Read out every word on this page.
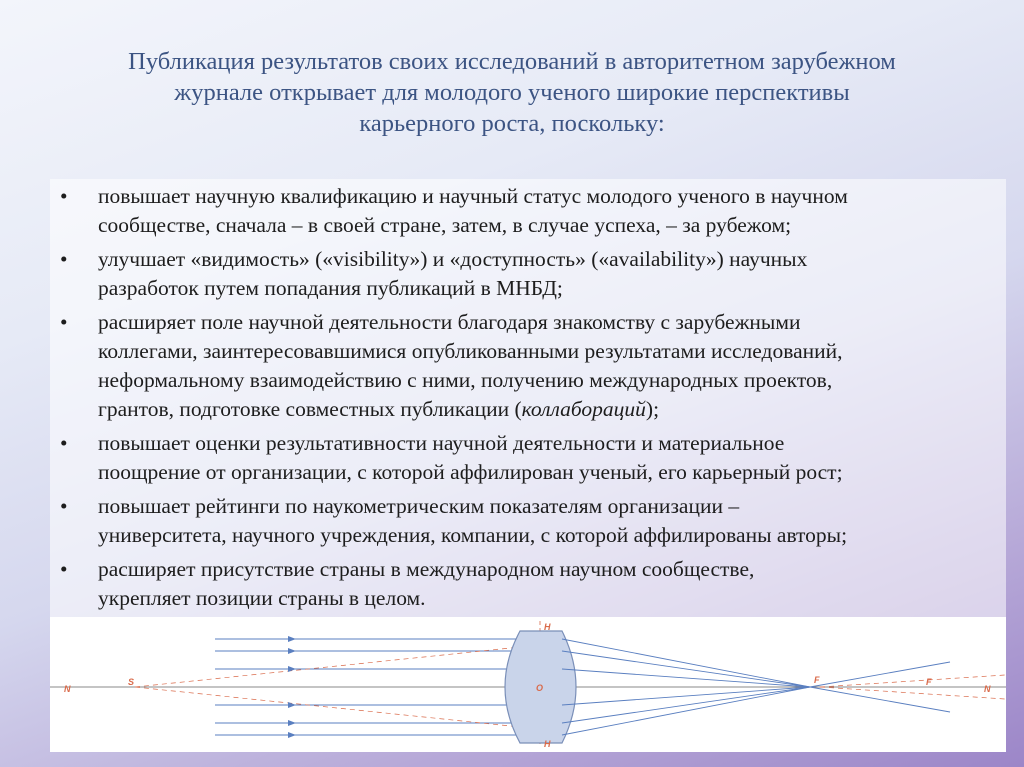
Публикация результатов своих исследований в авторитетном зарубежном
журнале открывает для молодого ученого широкие перспективы
карьерного роста, поскольку:
• повышает научную квалификацию и научный статус молодого ученого в научном
сообществе, сначала – в своей стране, затем, в случае успеха, – за рубежом;
• улучшает «видимость» («visibility») и «доступность» («availability») научных
разработок путем попадания публикаций в МНБД;
• расширяет поле научной деятельности благодаря знакомству с зарубежными
коллегами, заинтересовавшимися опубликованными результатами исследований,
неформальному взаимодействию с ними, получению международных проектов,
грантов, подготовке совместных публикации (коллабораций);
• повышает оценки результативности научной деятельности и материальное
поощрение от организации, с которой аффилирован ученый, его карьерный рост;
• повышает рейтинги по наукометрическим показателям организации –
университета, научного учреждения, компании, с которой аффилированы авторы;
• расширяет присутствие страны в международном научном сообществе,
укрепляет позиции страны в целом.
N
S
O
H
H
F	F
N
